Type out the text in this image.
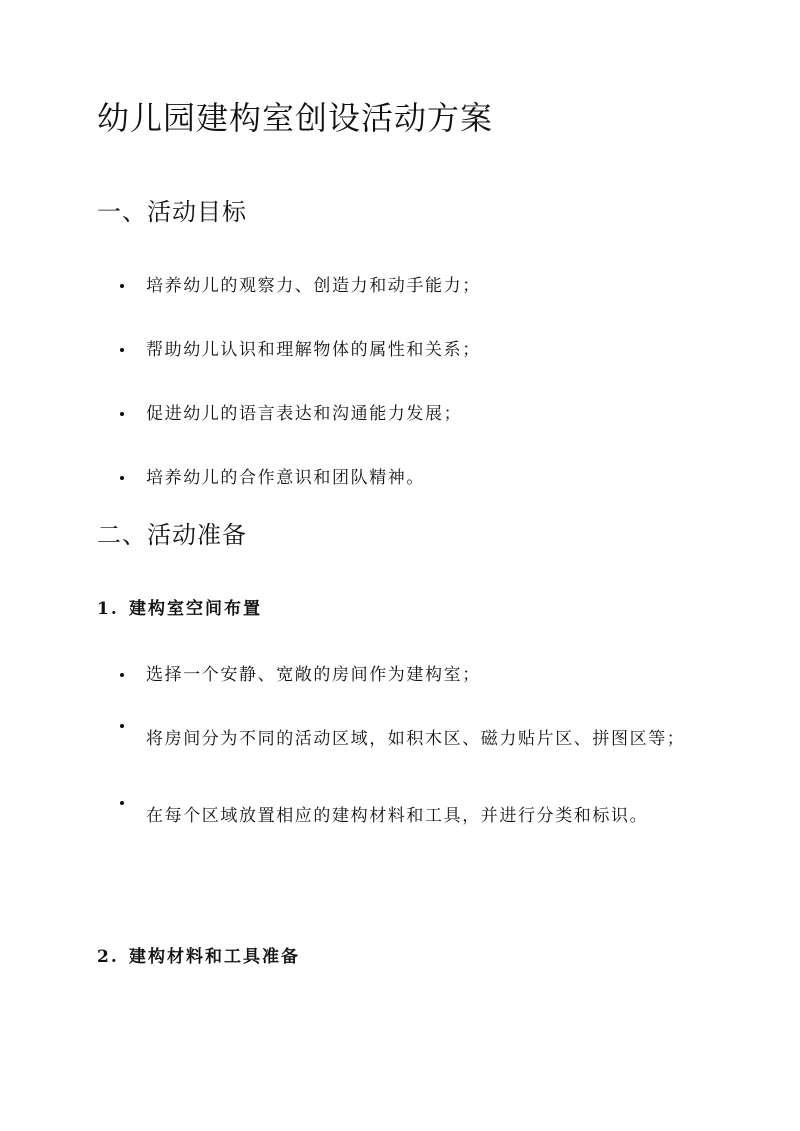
幼儿园建构室创设活动方案
一、活动目标
培养幼儿的观察力、创造力和动手能力；
帮助幼儿认识和理解物体的属性和关系；
促进幼儿的语言表达和沟通能力发展；
培养幼儿的合作意识和团队精神。
二、活动准备
1. 建构室空间布置
选择一个安静、宽敞的房间作为建构室；
将房间分为不同的活动区域，如积木区、磁力贴片区、拼图区等；
在每个区域放置相应的建构材料和工具，并进行分类和标识。
2. 建构材料和工具准备
